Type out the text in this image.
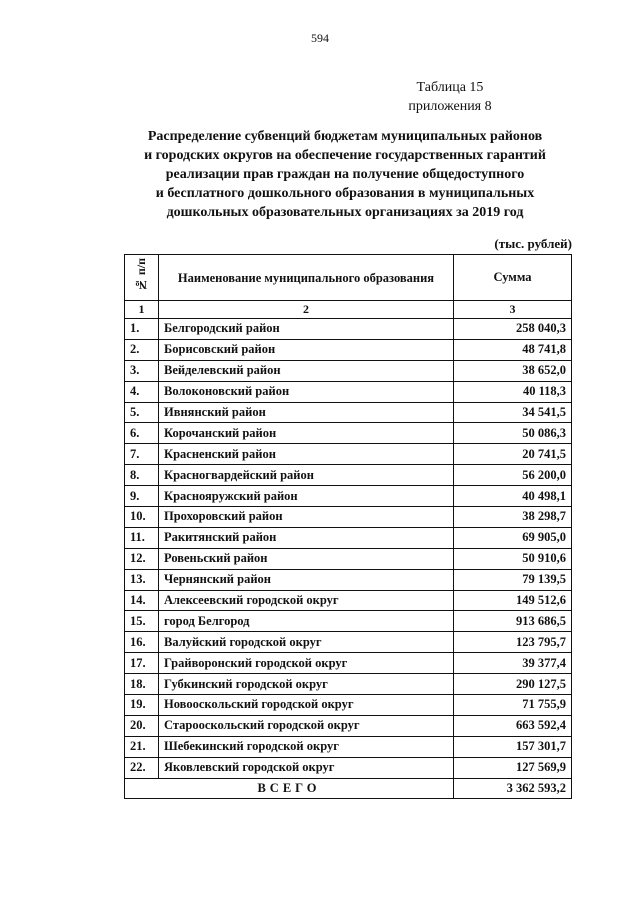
594
Таблица 15
приложения 8
Распределение субвенций бюджетам муниципальных районов
и городских округов на обеспечение государственных гарантий
реализации прав граждан на получение общедоступного
и бесплатного дошкольного образования в муниципальных
дошкольных образовательных организациях за 2019 год
(тыс. рублей)
№ п/п	Наименование муниципального образования	Сумма
1	2	3
1.	Белгородский район	258 040,3
2.	Борисовский район	48 741,8
3.	Вейделевский район	38 652,0
4.	Волоконовский район	40 118,3
5.	Ивнянский район	34 541,5
6.	Корочанский район	50 086,3
7.	Красненский район	20 741,5
8.	Красногвардейский район	56 200,0
9.	Краснояружский район	40 498,1
10.	Прохоровский район	38 298,7
11.	Ракитянский район	69 905,0
12.	Ровеньский район	50 910,6
13.	Чернянский район	79 139,5
14.	Алексеевский городской округ	149 512,6
15.	город Белгород	913 686,5
16.	Валуйский городской округ	123 795,7
17.	Грайворонский городской округ	39 377,4
18.	Губкинский городской округ	290 127,5
19.	Новооскольский городской округ	71 755,9
20.	Старооскольский городской округ	663 592,4
21.	Шебекинский городской округ	157 301,7
22.	Яковлевский городской округ	127 569,9
ВСЕГО		3 362 593,2
